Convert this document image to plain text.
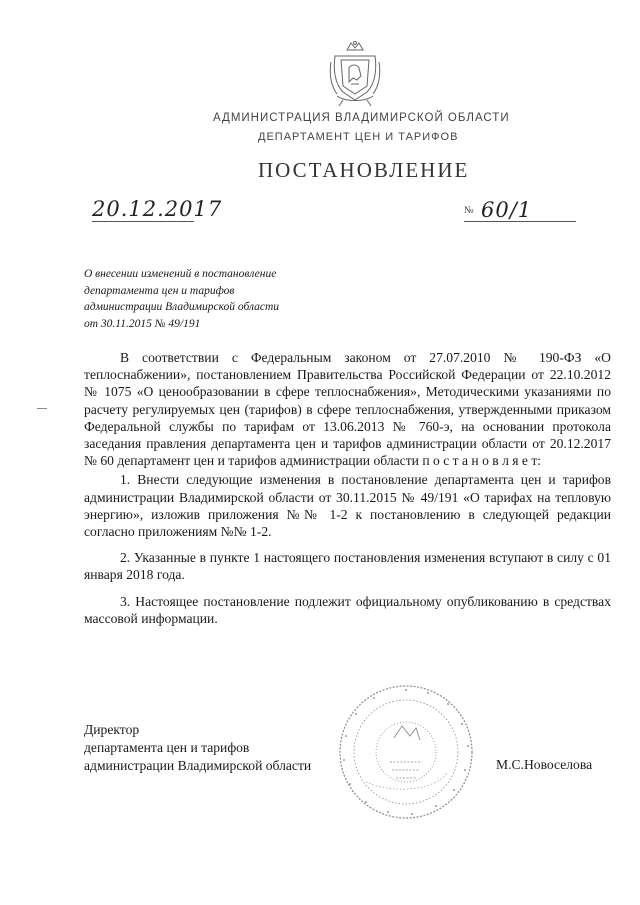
АДМИНИСТРАЦИЯ ВЛАДИМИРСКОЙ ОБЛАСТИ
ДЕПАРТАМЕНТ ЦЕН И ТАРИФОВ
ПОСТАНОВЛЕНИЕ
20.12.2017	№ 60/1
О внесении изменений в постановление
департамента цен и тарифов
администрации Владимирской области
от 30.11.2015 № 49/191

В соответствии с Федеральным законом от 27.07.2010 № 190-ФЗ «О теплоснабжении», постановлением Правительства Российской Федерации от 22.10.2012 № 1075 «О ценообразовании в сфере теплоснабжения», Методическими указаниями по расчету регулируемых цен (тарифов) в сфере теплоснабжения, утвержденными приказом Федеральной службы по тарифам от 13.06.2013 № 760-э, на основании протокола заседания правления департамента цен и тарифов администрации области от 20.12.2017 № 60 департамент цен и тарифов администрации области п о с т а н о в л я е т:

1. Внести следующие изменения в постановление департамента цен и тарифов администрации Владимирской области от 30.11.2015 № 49/191 «О тарифах на тепловую энергию», изложив приложения №№ 1-2 к постановлению в следующей редакции согласно приложениям №№ 1-2.

2. Указанные в пункте 1 настоящего постановления изменения вступают в силу с 01 января 2018 года.

3. Настоящее постановление подлежит официальному опубликованию в средствах массовой информации.

Директор
департамента цен и тарифов
администрации Владимирской области	М.С.Новоселова
